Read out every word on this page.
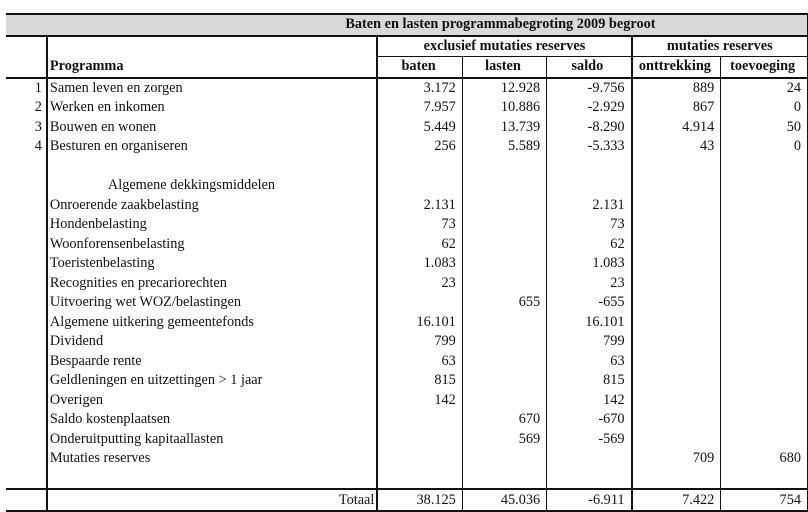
	Baten en lasten programmabegroting 2009 begroot					
		exclusief mutaties reserves			mutaties reserves	
	Programma	baten	lasten	saldo	onttrekking	toevoeging
1	Samen leven en zorgen	3.172	12.928	-9.756	889	24
2	Werken en inkomen	7.957	10.886	-2.929	867	0
3	Bouwen en wonen	5.449	13.739	-8.290	4.914	50
4	Besturen en organiseren	256	5.589	-5.333	43	0

	Algemene dekkingsmiddelen					
	Onroerende zaakbelasting	2.131		2.131		
	Hondenbelasting	73		73		
	Woonforensenbelasting	62		62		
	Toeristenbelasting	1.083		1.083		
	Recognities en precariorechten	23		23		
	Uitvoering wet WOZ/belastingen		655	-655		
	Algemene uitkering gemeentefonds	16.101		16.101		
	Dividend	799		799		
	Bespaarde rente	63		63		
	Geldleningen en uitzettingen > 1 jaar	815		815		
	Overigen	142		142		
	Saldo kostenplaatsen		670	-670		
	Onderuitputting kapitaallasten		569	-569		
	Mutaties reserves				709	680

	Totaal	38.125	45.036	-6.911	7.422	754
